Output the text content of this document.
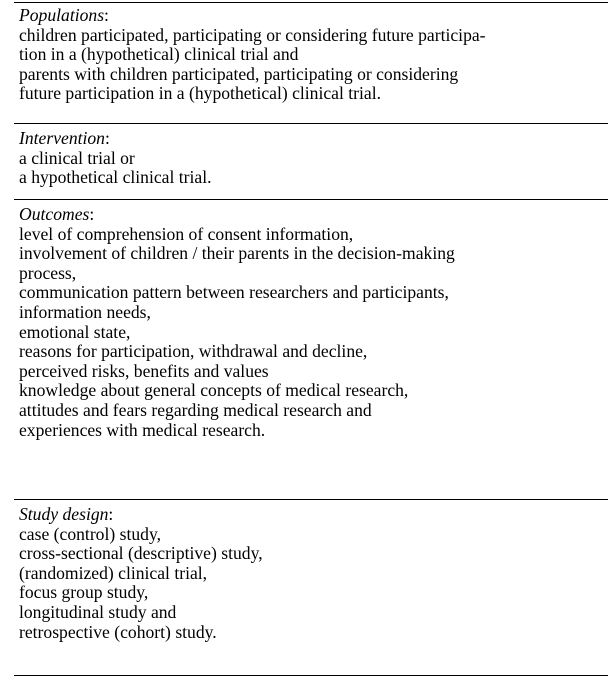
Populations:
children participated, participating or considering future participa-
tion in a (hypothetical) clinical trial and
parents with children participated, participating or considering
future participation in a (hypothetical) clinical trial.
Intervention:
a clinical trial or
a hypothetical clinical trial.
Outcomes:
level of comprehension of consent information,
involvement of children / their parents in the decision-making
process,
communication pattern between researchers and participants,
information needs,
emotional state,
reasons for participation, withdrawal and decline,
perceived risks, benefits and values
knowledge about general concepts of medical research,
attitudes and fears regarding medical research and
experiences with medical research.
Study design:
case (control) study,
cross-sectional (descriptive) study,
(randomized) clinical trial,
focus group study,
longitudinal study and
retrospective (cohort) study.
